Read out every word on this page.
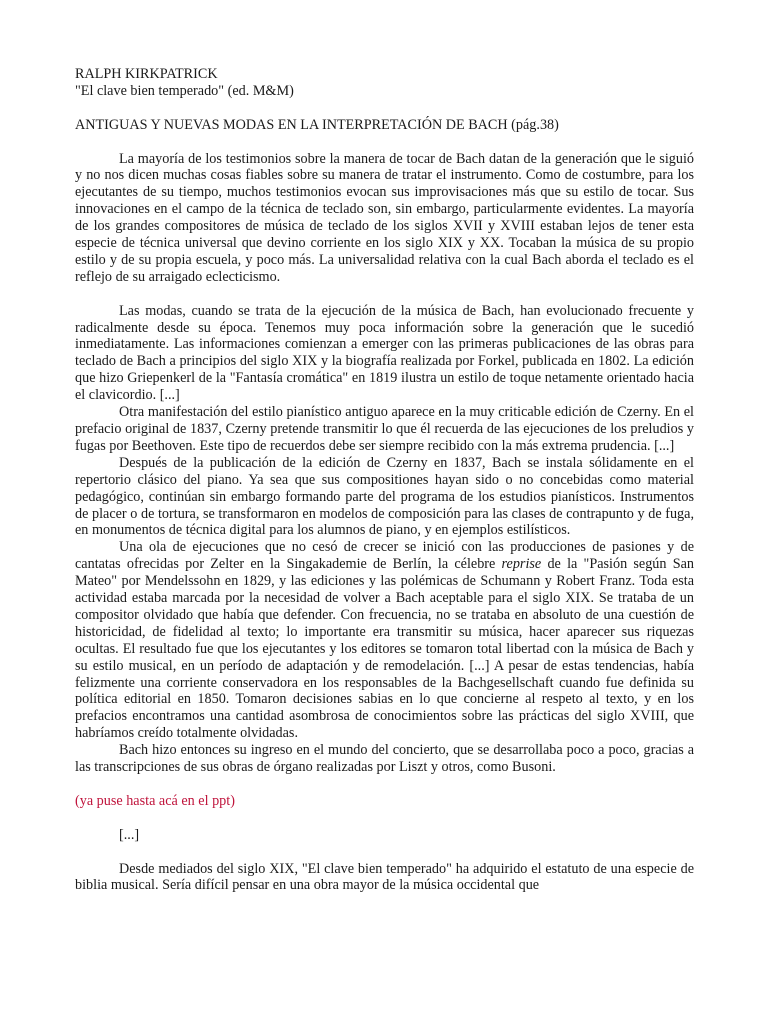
RALPH KIRKPATRICK

"El clave bien temperado" (ed. M&M)

ANTIGUAS Y NUEVAS MODAS EN LA INTERPRETACIÓN DE BACH (pág.38)

La mayoría de los testimonios sobre la manera de tocar de Bach datan de la generación que le siguió y no nos dicen muchas cosas fiables sobre su manera de tratar el instrumento. Como de costumbre, para los ejecutantes de su tiempo, muchos testimonios evocan sus improvisaciones más que su estilo de tocar. Sus innovaciones en el campo de la técnica de teclado son, sin embargo, particularmente evidentes. La mayoría de los grandes compositores de música de teclado de los siglos XVII y XVIII estaban lejos de tener esta especie de técnica universal que devino corriente en los siglo XIX y XX. Tocaban la música de su propio estilo y de su propia escuela, y poco más. La universalidad relativa con la cual Bach aborda el teclado es el reflejo de su arraigado eclecticismo.

Las modas, cuando se trata de la ejecución de la música de Bach, han evolucionado frecuente y radicalmente desde su época. Tenemos muy poca información sobre la generación que le sucedió inmediatamente. Las informaciones comienzan a emerger con las primeras publicaciones de las obras para teclado de Bach a principios del siglo XIX y la biografía realizada por Forkel, publicada en 1802. La edición que hizo Griepenkerl de la "Fantasía cromática" en 1819 ilustra un estilo de toque netamente orientado hacia el clavicordio. [...]

Otra manifestación del estilo pianístico antiguo aparece en la muy criticable edición de Czerny. En el prefacio original de 1837, Czerny pretende transmitir lo que él recuerda de las ejecuciones de los preludios y fugas por Beethoven. Este tipo de recuerdos debe ser siempre recibido con la más extrema prudencia. [...]

Después de la publicación de la edición de Czerny en 1837, Bach se instala sólidamente en el repertorio clásico del piano. Ya sea que sus compositiones hayan sido o no concebidas como material pedagógico, continúan sin embargo formando parte del programa de los estudios pianísticos. Instrumentos de placer o de tortura, se transformaron en modelos de composición para las clases de contrapunto y de fuga, en monumentos de técnica digital para los alumnos de piano, y en ejemplos estilísticos.

Una ola de ejecuciones que no cesó de crecer se inició con las producciones de pasiones y de cantatas ofrecidas por Zelter en la Singakademie de Berlín, la célebre reprise de la "Pasión según San Mateo" por Mendelssohn en 1829, y las ediciones y las polémicas de Schumann y Robert Franz. Toda esta actividad estaba marcada por la necesidad de volver a Bach aceptable para el siglo XIX. Se trataba de un compositor olvidado que había que defender. Con frecuencia, no se trataba en absoluto de una cuestión de historicidad, de fidelidad al texto; lo importante era transmitir su música, hacer aparecer sus riquezas ocultas. El resultado fue que los ejecutantes y los editores se tomaron total libertad con la música de Bach y su estilo musical, en un período de adaptación y de remodelación. [...] A pesar de estas tendencias, había felizmente una corriente conservadora en los responsables de la Bachgesellschaft cuando fue definida su política editorial en 1850. Tomaron decisiones sabias en lo que concierne al respeto al texto, y en los prefacios encontramos una cantidad asombrosa de conocimientos sobre las prácticas del siglo XVIII, que habríamos creído totalmente olvidadas.

Bach hizo entonces su ingreso en el mundo del concierto, que se desarrollaba poco a poco, gracias a las transcripciones de sus obras de órgano realizadas por Liszt y otros, como Busoni.

(ya puse hasta acá en el ppt)

[...]

Desde mediados del siglo XIX, "El clave bien temperado" ha adquirido el estatuto de una especie de biblia musical. Sería difícil pensar en una obra mayor de la música occidental que
